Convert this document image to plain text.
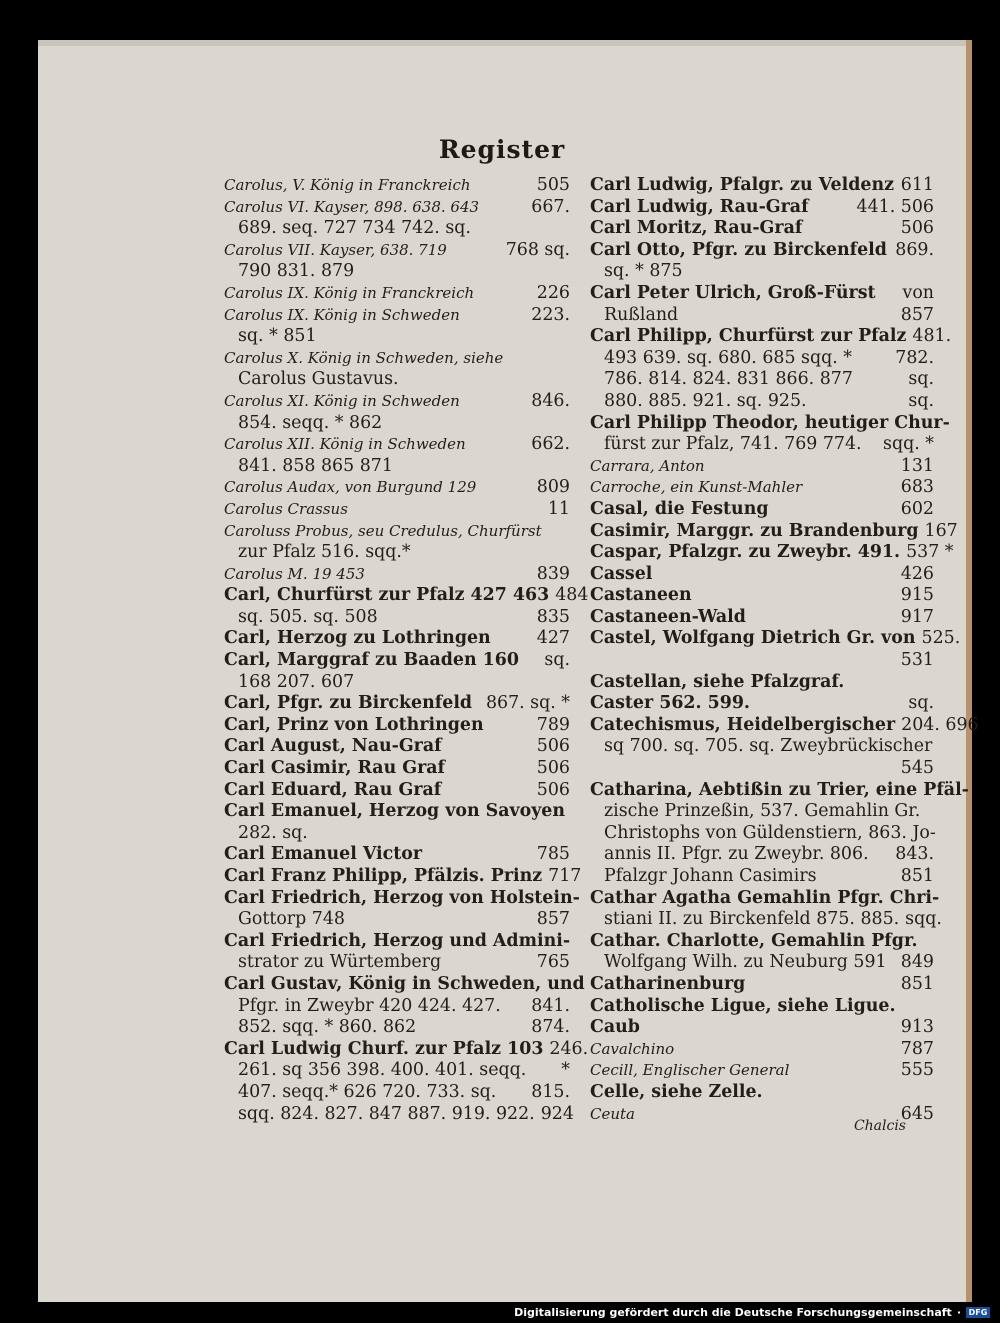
Register
Carolus, V. König in Franckreich	505
Carolus VI. Kayser, 898. 638. 643	667.
689. seq. 727 734 742. sq.
Carolus VII. Kayser, 638. 719	768 sq.
790 831. 879
Carolus IX. König in Franckreich	226
Carolus IX. König in Schweden	223.
sq. * 851
Carolus X. König in Schweden, siehe
Carolus Gustavus.
Carolus XI. König in Schweden	846.
854. seqq. * 862
Carolus XII. König in Schweden	662.
841. 858 865 871
Carolus Audax, von Burgund 129	809
Carolus Crassus	11
Caroluss Probus, seu Credulus, Churfürst
zur Pfalz 516. sqq.*
Carolus M. 19 453	839
Carl, Churfürst zur Pfalz 427 463 484
sq. 505. sq. 508	835
Carl, Herzog zu Lothringen	427
Carl, Marggraf zu Baaden 160	sq.
168 207. 607
Carl, Pfgr. zu Birckenfeld 867. sq. *
Carl, Prinz von Lothringen	789
Carl August, Nau-Graf	506
Carl Casimir, Rau Graf	506
Carl Eduard, Rau Graf	506
Carl Emanuel, Herzog von Savoyen
282. sq.
Carl Emanuel Victor	785
Carl Franz Philipp, Pfälzis. Prinz 717
Carl Friedrich, Herzog von Holstein-
Gottorp 748	857
Carl Friedrich, Herzog und Admini-
strator zu Würtemberg	765
Carl Gustav, König in Schweden, und
Pfgr. in Zweybr 420 424. 427.	841.
852. sqq. * 860. 862	874.
Carl Ludwig Churf. zur Pfalz 103 246.
261. sq 356 398. 400. 401. seqq.	*
407. seqq.* 626 720. 733. sq.	815.
sqq. 824. 827. 847 887. 919. 922. 924
Carl Ludwig, Pfalgr. zu Veldenz 611
Carl Ludwig, Rau-Graf	441. 506
Carl Moritz, Rau-Graf	506
Carl Otto, Pfgr. zu Birckenfeld 869.
sq. * 875
Carl Peter Ulrich, Groß-Fürst	von
Rußland	857
Carl Philipp, Churfürst zur Pfalz 481.
493 639. sq. 680. 685 sqq. *	782.
786. 814. 824. 831 866. 877	sq.
880. 885. 921. sq. 925.	sq.
Carl Philipp Theodor, heutiger Chur-
fürst zur Pfalz, 741. 769 774.	sqq. *
Carrara, Anton	131
Carroche, ein Kunst-Mahler	683
Casal, die Festung	602
Casimir, Marggr. zu Brandenburg 167
Caspar, Pfalzgr. zu Zweybr. 491. 537 *
Cassel	426
Castaneen	915
Castaneen-Wald	917
Castel, Wolfgang Dietrich Gr. von 525.
531
Castellan, siehe Pfalzgraf.
Caster 562. 599.	sq.
Catechismus, Heidelbergischer 204. 696
sq 700. sq. 705. sq. Zweybrückischer
545
Catharina, Aebtißin zu Trier, eine Pfäl-
zische Prinzeßin, 537. Gemahlin Gr.
Christophs von Güldenstiern, 863. Jo-
annis II. Pfgr. zu Zweybr. 806.	843.
Pfalzgr Johann Casimirs	851
Cathar Agatha Gemahlin Pfgr. Chri-
stiani II. zu Birckenfeld 875. 885. sqq.
Cathar. Charlotte, Gemahlin Pfgr.
Wolfgang Wilh. zu Neuburg 591 849
Catharinenburg	851
Catholische Ligue, siehe Ligue.
Caub	913
Cavalchino	787
Cecill, Englischer General	555
Celle, siehe Zelle.
Ceuta	645
Chalcis
Digitalisierung gefördert durch die Deutsche Forschungsgemeinschaft · DFG
